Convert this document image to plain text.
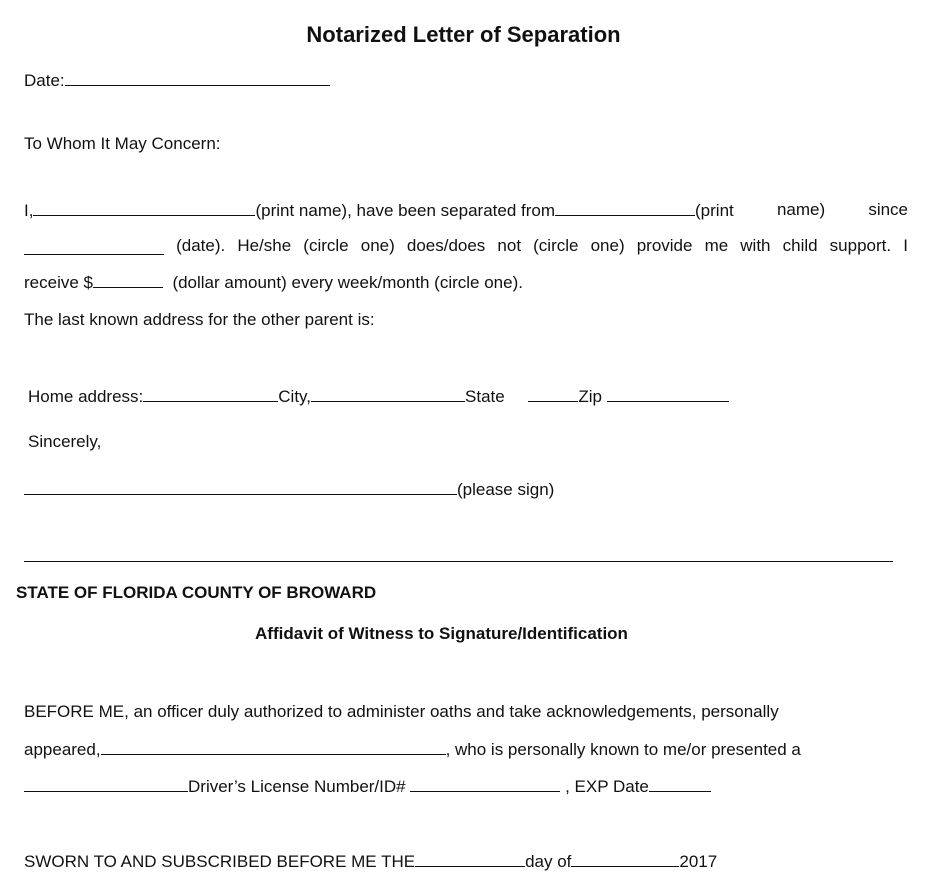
Notarized Letter of Separation
Date:
To Whom It May Concern:
I,	(print name), have been separated from	(print	name)	since
(date). He/she (circle one) does/does not (circle one) provide me with child support. I
receive $	(dollar amount) every week/month (circle one).
The last known address for the other parent is:
Home address:	City,	State	Zip
Sincerely,
(please sign)
STATE OF FLORIDA COUNTY OF BROWARD
Affidavit of Witness to Signature/Identification
BEFORE ME, an officer duly authorized to administer oaths and take acknowledgements, personally
appeared,	, who is personally known to me/or presented a
Driver’s License Number/ID#	, EXP Date
SWORN TO AND SUBSCRIBED BEFORE ME THE	day of	2017
